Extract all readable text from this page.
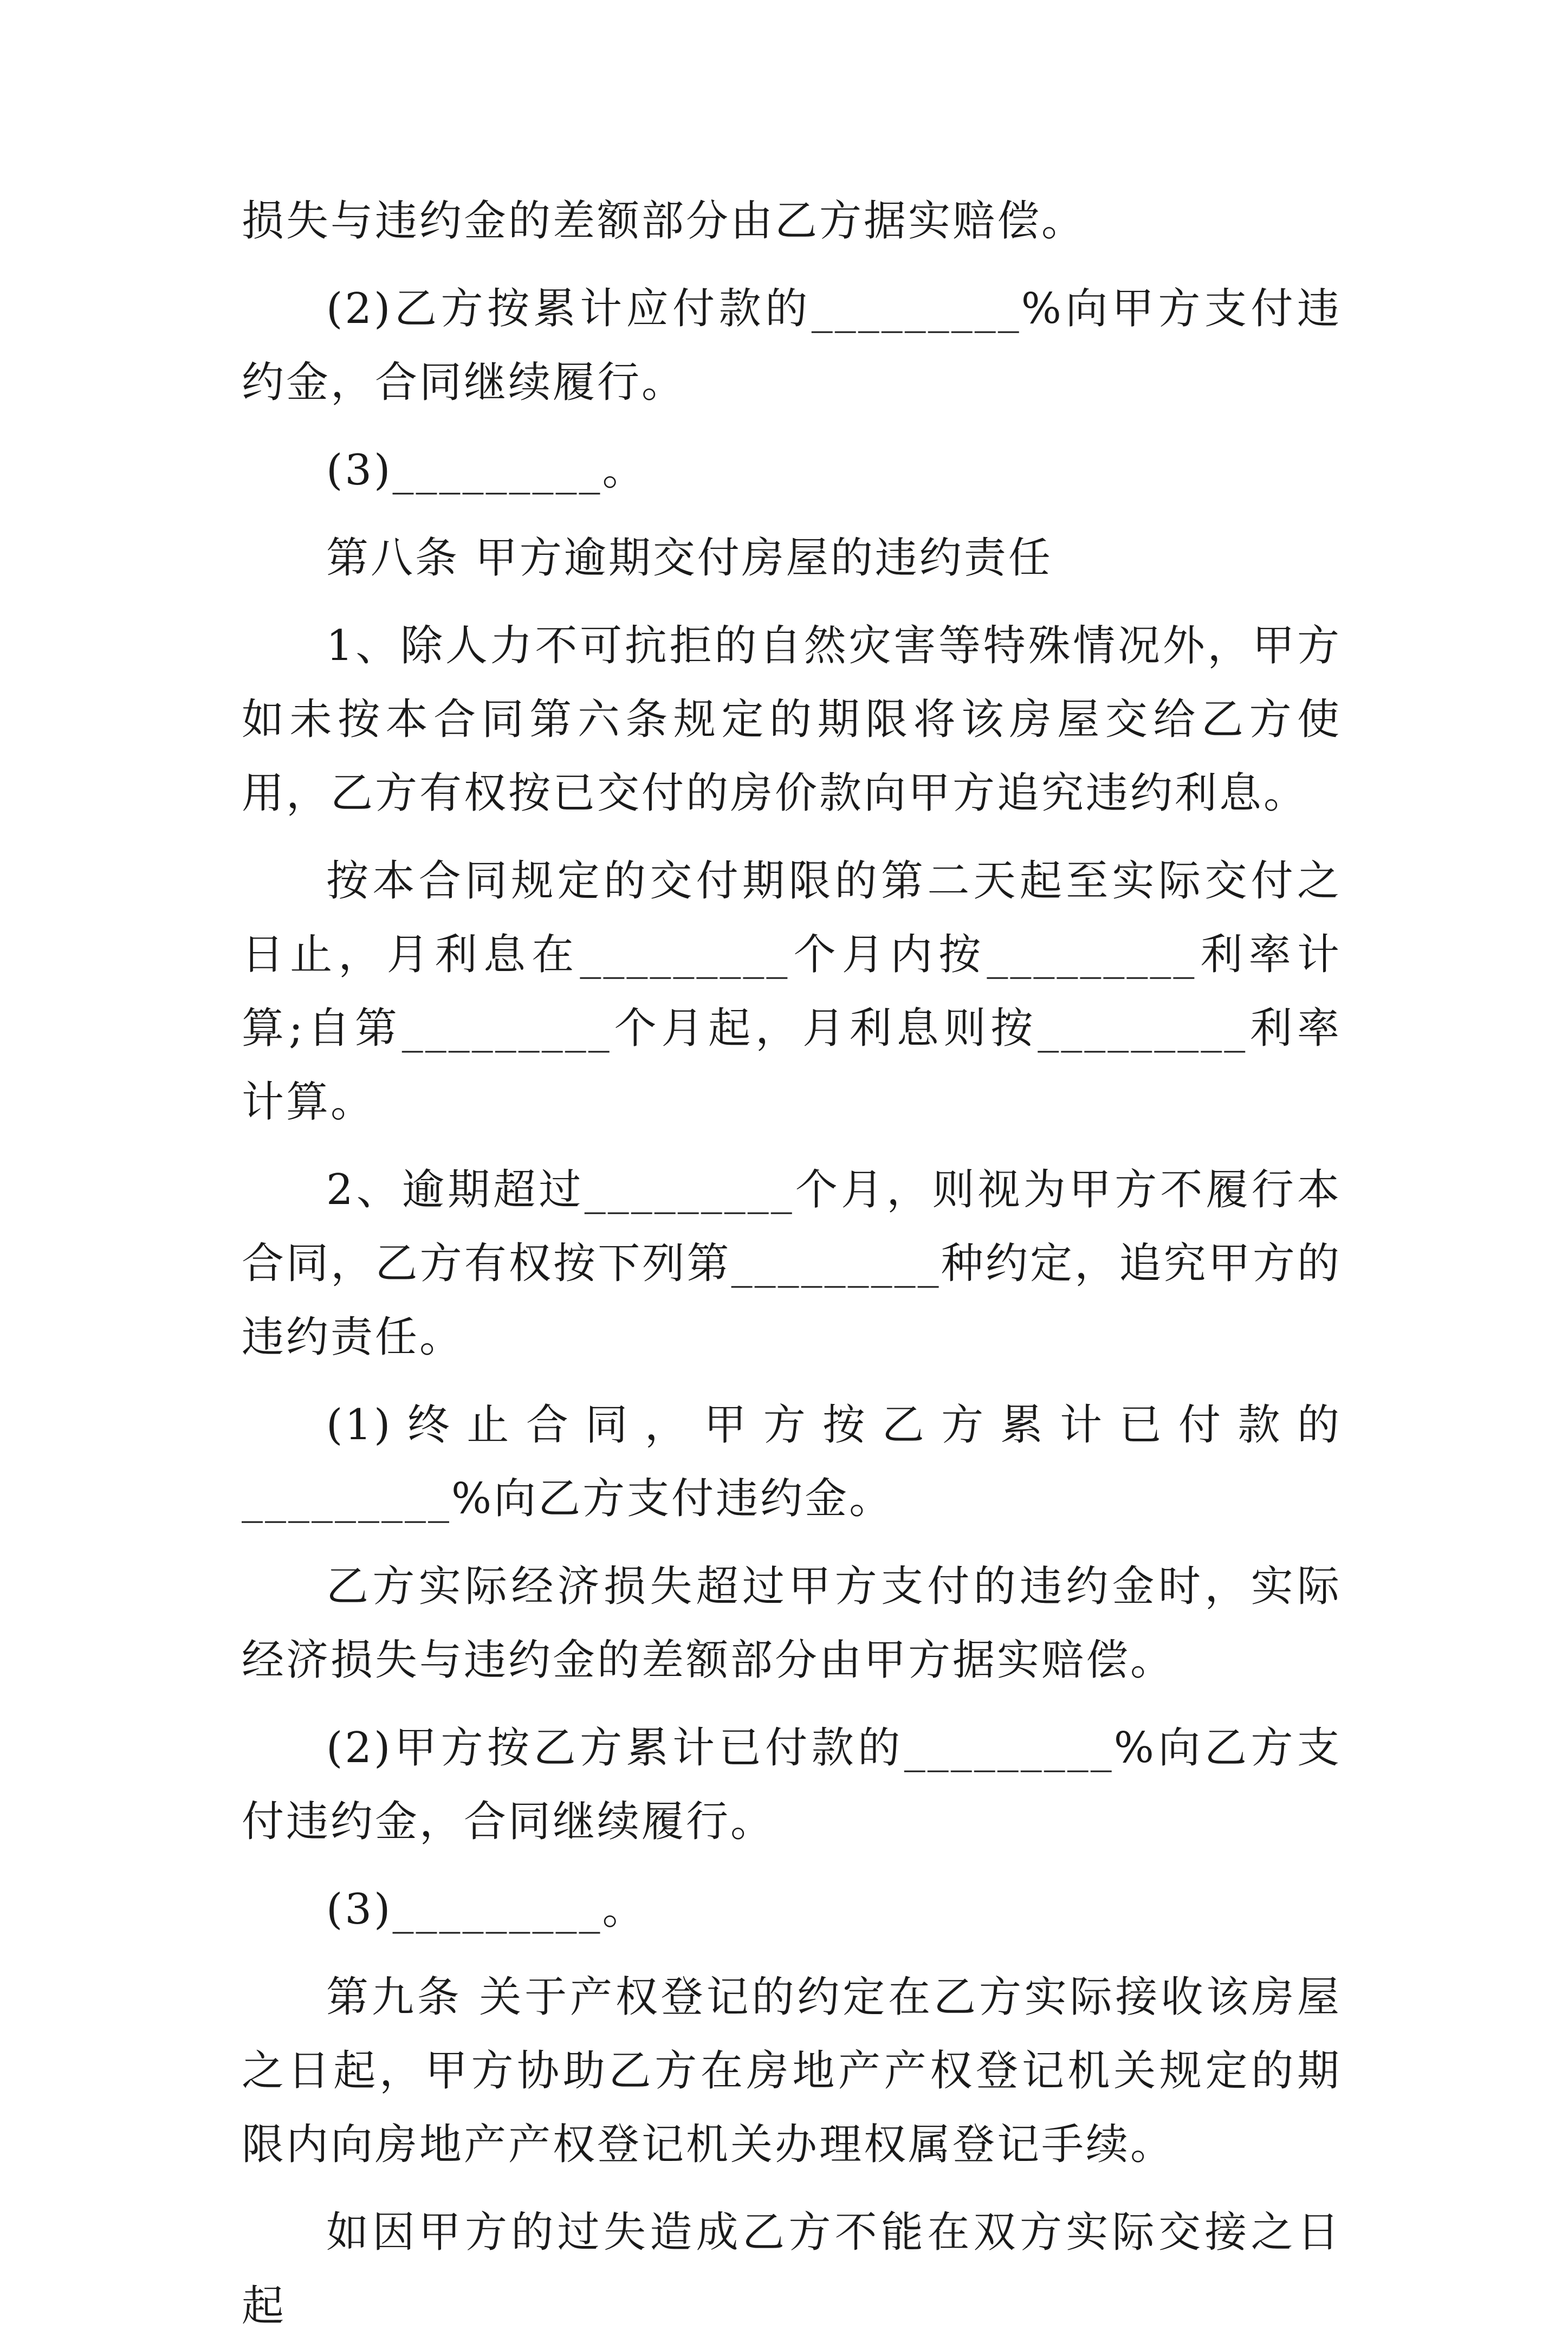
损失与违约金的差额部分由乙方据实赔偿。

(2)乙方按累计应付款的_________%向甲方支付违约金，合同继续履行。

(3)_________。

第八条 甲方逾期交付房屋的违约责任

1、除人力不可抗拒的自然灾害等特殊情况外，甲方如未按本合同第六条规定的期限将该房屋交给乙方使用，乙方有权按已交付的房价款向甲方追究违约利息。

按本合同规定的交付期限的第二天起至实际交付之日止，月利息在_________个月内按_________利率计算;自第_________个月起，月利息则按_________利率计算。

2、逾期超过_________个月，则视为甲方不履行本合同，乙方有权按下列第_________种约定，追究甲方的违约责任。

(1)终止合同，甲方按乙方累计已付款的_________%向乙方支付违约金。

乙方实际经济损失超过甲方支付的违约金时，实际经济损失与违约金的差额部分由甲方据实赔偿。

(2)甲方按乙方累计已付款的_________%向乙方支付违约金，合同继续履行。

(3)_________。

第九条 关于产权登记的约定在乙方实际接收该房屋之日起，甲方协助乙方在房地产产权登记机关规定的期限内向房地产产权登记机关办理权属登记手续。

如因甲方的过失造成乙方不能在双方实际交接之日起
